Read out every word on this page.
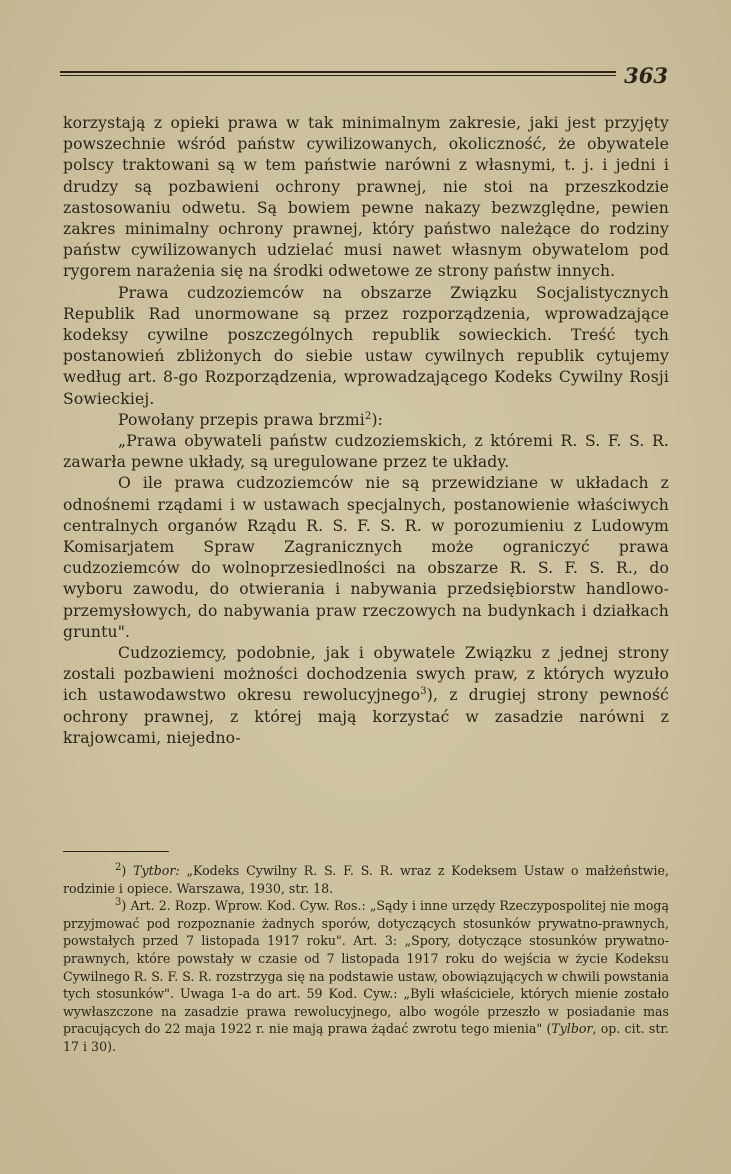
363

korzystają z opieki prawa w tak minimalnym zakresie, jaki jest przyjęty powszechnie wśród państw cywilizowanych, okoliczność, że obywatele polscy traktowani są w tem państwie narówni z własnymi, t. j. i jedni i drudzy są pozbawieni ochrony prawnej, nie stoi na przeszkodzie zastosowaniu odwetu. Są bowiem pewne nakazy bezwzględne, pewien zakres minimalny ochrony prawnej, który państwo należące do rodziny państw cywilizowanych udzielać musi nawet własnym obywatelom pod rygorem narażenia się na środki odwetowe ze strony państw innych.

Prawa cudzoziemców na obszarze Związku Socjalistycznych Republik Rad unormowane są przez rozporządzenia, wprowadzające kodeksy cywilne poszczególnych republik sowieckich. Treść tych postanowień zbliżonych do siebie ustaw cywilnych republik cytujemy według art. 8-go Rozporządzenia, wprowadzającego Kodeks Cywilny Rosji Sowieckiej.

Powołany przepis prawa brzmi$^2$):

„Prawa obywateli państw cudzoziemskich, z któremi R. S. F. S. R. zawarła pewne układy, są uregulowane przez te układy.

O ile prawa cudzoziemców nie są przewidziane w układach z odnośnemi rządami i w ustawach specjalnych, postanowienie właściwych centralnych organów Rządu R. S. F. S. R. w porozumieniu z Ludowym Komisarjatem Spraw Zagranicznych może ograniczyć prawa cudzoziemców do wolnoprzesiedlności na obszarze R. S. F. S. R., do wyboru zawodu, do otwierania i nabywania przedsiębiorstw handlowo-przemysłowych, do nabywania praw rzeczowych na budynkach i działkach gruntu".

Cudzoziemcy, podobnie, jak i obywatele Związku z jednej strony zostali pozbawieni możności dochodzenia swych praw, z których wyzuło ich ustawodawstwo okresu rewolucyjnego$^3$), z drugiej strony pewność ochrony prawnej, z której mają korzystać w zasadzie narówni z krajowcami, niejedno-

$^2$) Tytbor: „Kodeks Cywilny R. S. F. S. R. wraz z Kodeksem Ustaw o małżeństwie, rodzinie i opiece. Warszawa, 1930, str. 18.

$^3$) Art. 2. Rozp. Wprow. Kod. Cyw. Ros.: „Sądy i inne urzędy Rzeczypospolitej nie mogą przyjmować pod rozpoznanie żadnych sporów, dotyczących stosunków prywatno-prawnych, powstałych przed 7 listopada 1917 roku". Art. 3: „Spory, dotyczące stosunków prywatno-prawnych, które powstały w czasie od 7 listopada 1917 roku do wejścia w życie Kodeksu Cywilnego R. S. F. S. R. rozstrzyga się na podstawie ustaw, obowiązujących w chwili powstania tych stosunków". Uwaga 1-a do art. 59 Kod. Cyw.: „Byli właściciele, których mienie zostało wywłaszczone na zasadzie prawa rewolucyjnego, albo wogóle przeszło w posiadanie mas pracujących do 22 maja 1922 r. nie mają prawa żądać zwrotu tego mienia" (Tylbor, op. cit. str. 17 i 30).
